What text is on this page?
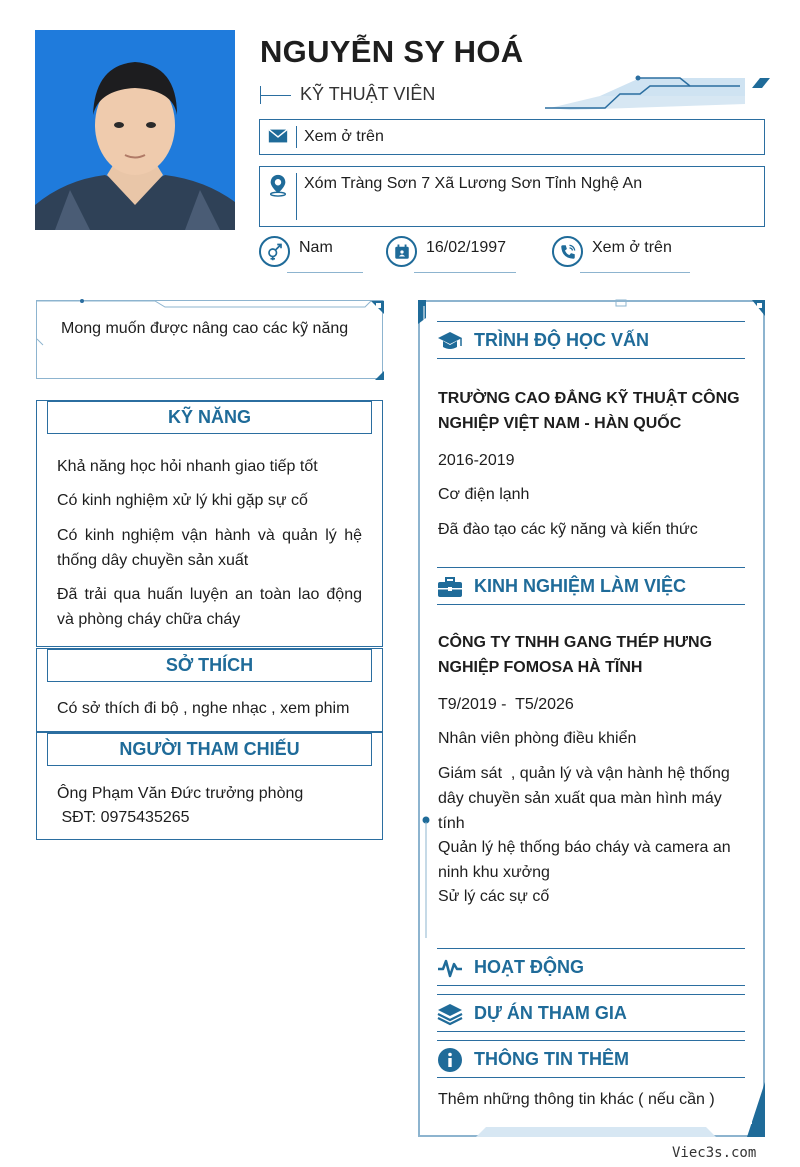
NGUYỄN SY HOÁ
KỸ THUẬT VIÊN
Xem ở trên
Xóm Tràng Sơn 7 Xã Lương Sơn Tỉnh Nghệ An
Nam	16/02/1997	Xem ở trên
Mong muốn được nâng cao các kỹ năng
KỸ NĂNG
Khả năng học hỏi nhanh giao tiếp tốt
Có kinh nghiệm xử lý khi gặp sự cố
Có kinh nghiệm vận hành và quản lý hệ thống dây chuyền sản xuất
Đã trải qua huấn luyện an toàn lao động và phòng cháy chữa cháy
SỞ THÍCH
Có sở thích đi bộ , nghe nhạc , xem phim
NGƯỜI THAM CHIẾU
Ông Phạm Văn Đức trưởng phòng
SĐT: 0975435265
TRÌNH ĐỘ HỌC VẤN
TRƯỜNG CAO ĐẲNG KỸ THUẬT CÔNG NGHIỆP VIỆT NAM - HÀN QUỐC
2016-2019
Cơ điện lạnh
Đã đào tạo các kỹ năng và kiến thức
KINH NGHIỆM LÀM VIỆC
CÔNG TY TNHH GANG THÉP HƯNG NGHIỆP FOMOSA HÀ TĨNH
T9/2019 -  T5/2026
Nhân viên phòng điều khiển
Giám sát  , quản lý và vận hành hệ thống dây chuyền sản xuất qua màn hình máy tính
Quản lý hệ thống báo cháy và camera an ninh khu xưởng
Sử lý các sự cố
HOẠT ĐỘNG
DỰ ÁN THAM GIA
THÔNG TIN THÊM
Thêm những thông tin khác ( nếu cần )
Viec3s.com
